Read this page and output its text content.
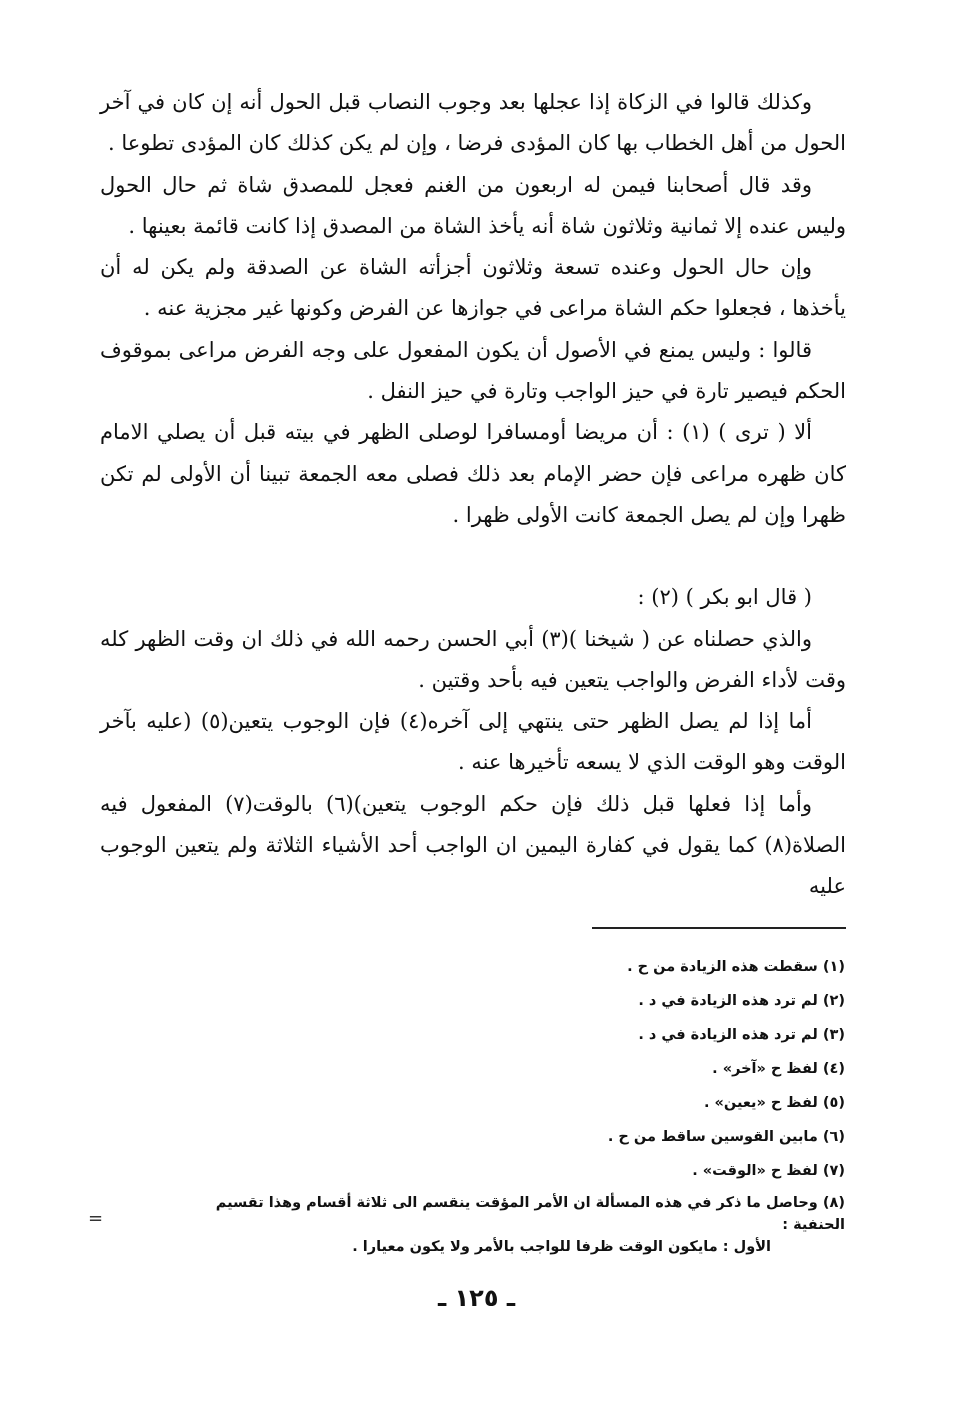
وكذلك قالوا في الزكاة إذا عجلها بعد وجوب النصاب قبل الحول أنه إن كان في آخر الحول من أهل الخطاب بها كان المؤدى فرضا ، وإن لم يكن كذلك كان المؤدى تطوعا .

وقد قال أصحابنا فيمن له اربعون من الغنم فعجل للمصدق شاة ثم حال الحول وليس عنده إلا ثمانية وثلاثون شاة أنه يأخذ الشاة من المصدق إذا كانت قائمة بعينها .

وإن حال الحول وعنده تسعة وثلاثون أجزأته الشاة عن الصدقة ولم يكن له أن يأخذها ، فجعلوا حكم الشاة مراعى في جوازها عن الفرض وكونها غير مجزية عنه .

قالوا : وليس يمنع في الأصول أن يكون المفعول على وجه الفرض مراعى بموقوف الحكم فيصير تارة في حيز الواجب وتارة في حيز النفل .

ألا ( ترى ) (١) : أن مريضا أومسافرا لوصلى الظهر في بيته قبل أن يصلي الامام كان ظهره مراعى فإن حضر الإمام بعد ذلك فصلى معه الجمعة تبينا أن الأولى لم تكن ظهرا وإن لم يصل الجمعة كانت الأولى ظهرا .

( قال ابو بكر ) (٢) :

والذي حصلناه عن ( شيخنا )(٣) أبي الحسن رحمه الله في ذلك ان وقت الظهر كله وقت لأداء الفرض والواجب يتعين فيه بأحد وقتين .

أما إذا لم يصل الظهر حتى ينتهي إلى آخره(٤) فإن الوجوب يتعين(٥) (عليه بآخر الوقت وهو الوقت الذي لا يسعه تأخيرها عنه .

وأما إذا فعلها قبل ذلك فإن حكم الوجوب يتعين)(٦) بالوقت(٧) المفعول فيه الصلاة(٨) كما يقول في كفارة اليمين ان الواجب أحد الأشياء الثلاثة ولم يتعين الوجوب عليه

(١) سقطت هذه الزيادة من ح .

(٢) لم ترد هذه الزيادة في د .

(٣) لم ترد هذه الزيادة في د .

(٤) لفظ ح «آخر» .

(٥) لفظ ح «يعين» .

(٦) مابين القوسين ساقط من ح .

(٧) لفظ ح «الوقت» .

(٨) وحاصل ما ذكر في هذه المسألة ان الأمر المؤقت ينقسم الى ثلاثة أقسام وهذا تقسيم الحنفية :

الأول : مايكون الوقت ظرفا للواجب بالأمر ولا يكون معيارا .

=
ـ ١٢٥ ـ
